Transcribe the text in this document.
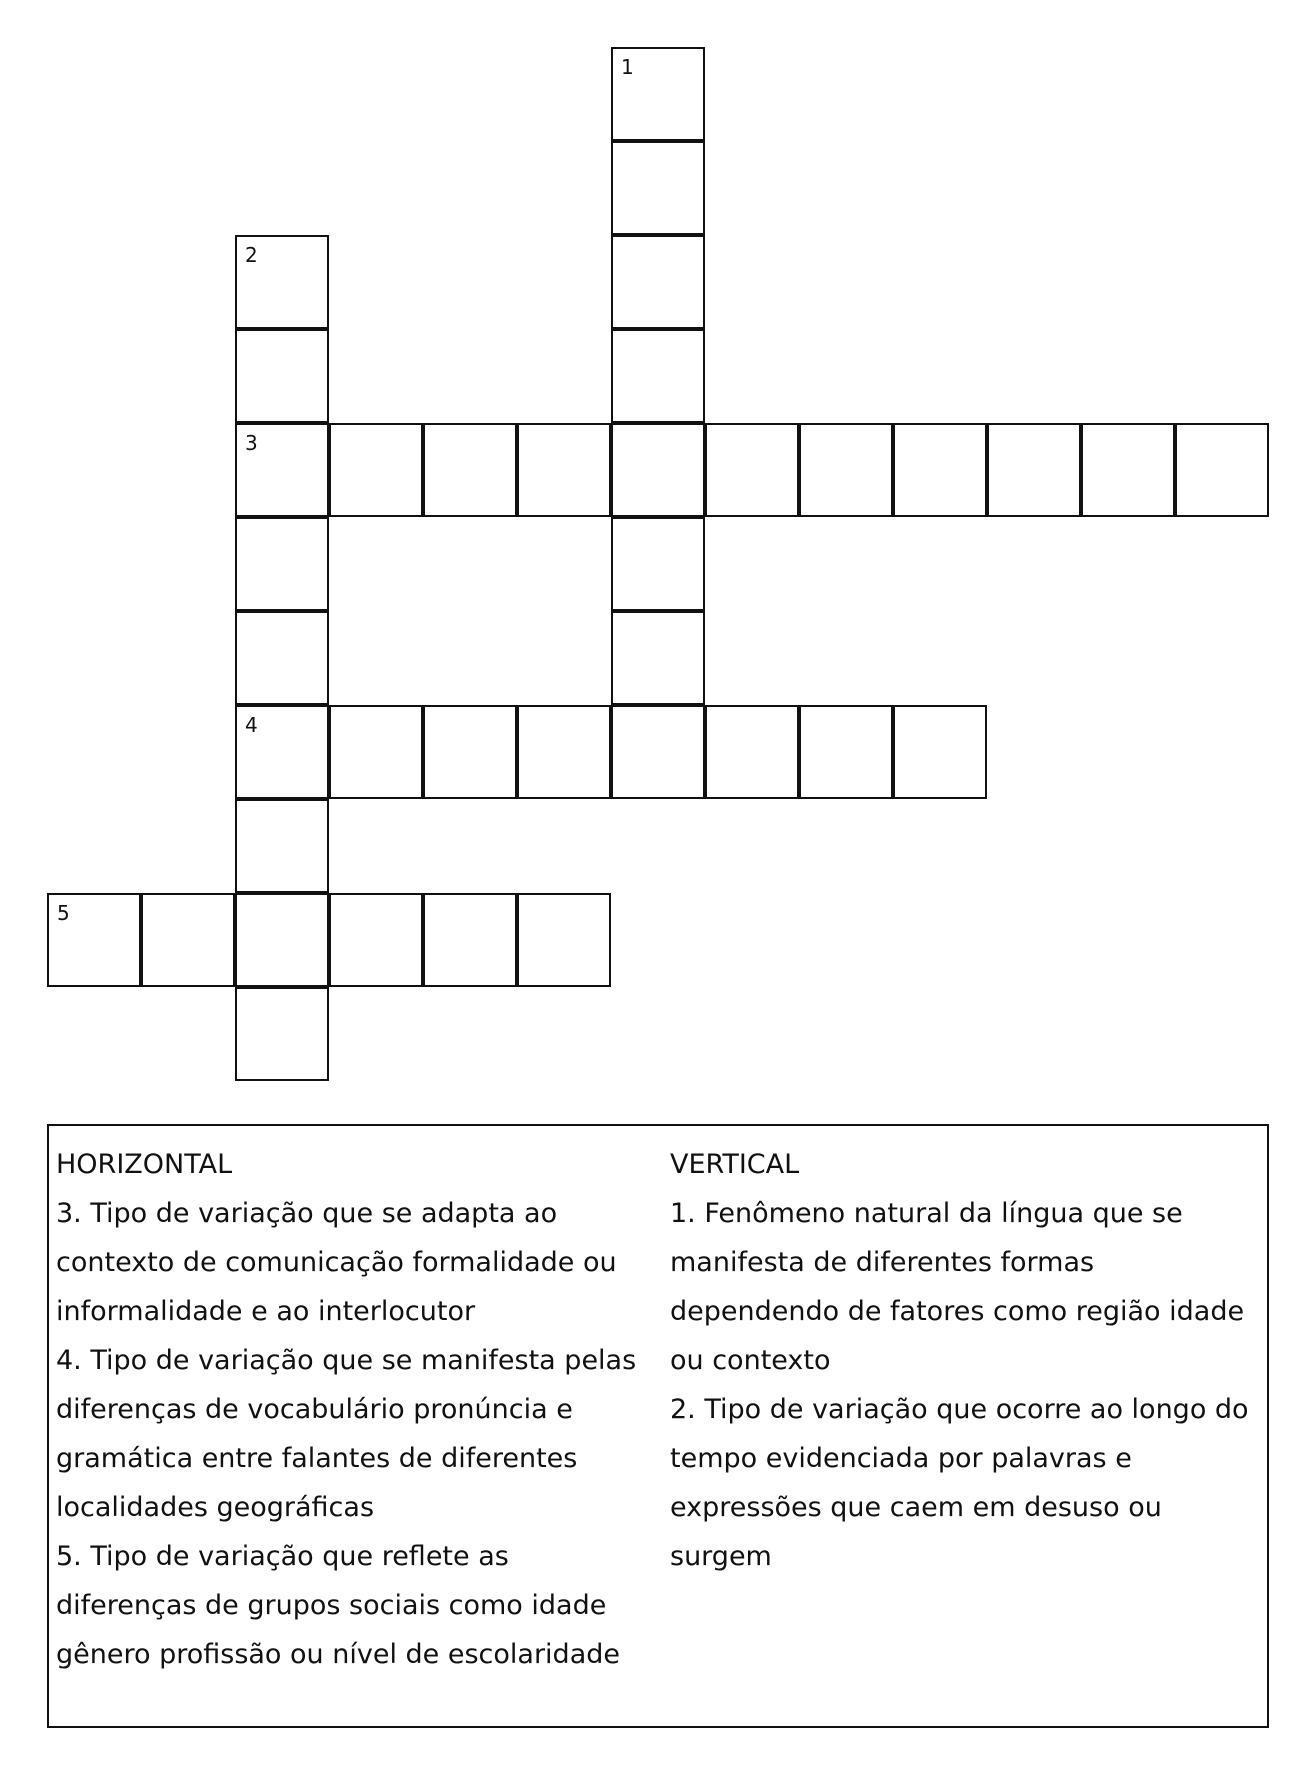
1
2
3
4
5
HORIZONTAL
3. Tipo de variação que se adapta ao contexto de comunicação formalidade ou informalidade e ao interlocutor
4. Tipo de variação que se manifesta pelas diferenças de vocabulário pronúncia e gramática entre falantes de diferentes localidades geográficas
5. Tipo de variação que reflete as diferenças de grupos sociais como idade gênero profissão ou nível de escolaridade
VERTICAL
1. Fenômeno natural da língua que se manifesta de diferentes formas dependendo de fatores como região idade ou contexto
2. Tipo de variação que ocorre ao longo do tempo evidenciada por palavras e expressões que caem em desuso ou surgem
